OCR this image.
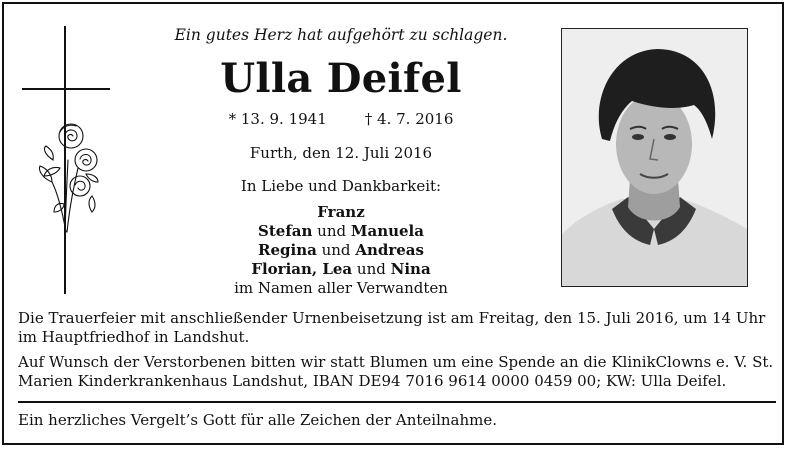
Ein gutes Herz hat aufgehört zu schlagen.
Ulla Deifel
* 13. 9. 1941	† 4. 7. 2016
Furth, den 12. Juli 2016
In Liebe und Dankbarkeit:
Franz
Stefan und Manuela
Regina und Andreas
Florian, Lea und Nina
im Namen aller Verwandten
Die Trauerfeier mit anschließender Urnenbeisetzung ist am Freitag, den 15. Juli 2016, um 14 Uhr im Hauptfriedhof in Landshut.
Auf Wunsch der Verstorbenen bitten wir statt Blumen um eine Spende an die KlinikClowns e. V. St. Marien Kinderkrankenhaus Landshut, IBAN DE94 7016 9614 0000 0459 00; KW: Ulla Deifel.
Ein herzliches Vergelt’s Gott für alle Zeichen der Anteilnahme.
